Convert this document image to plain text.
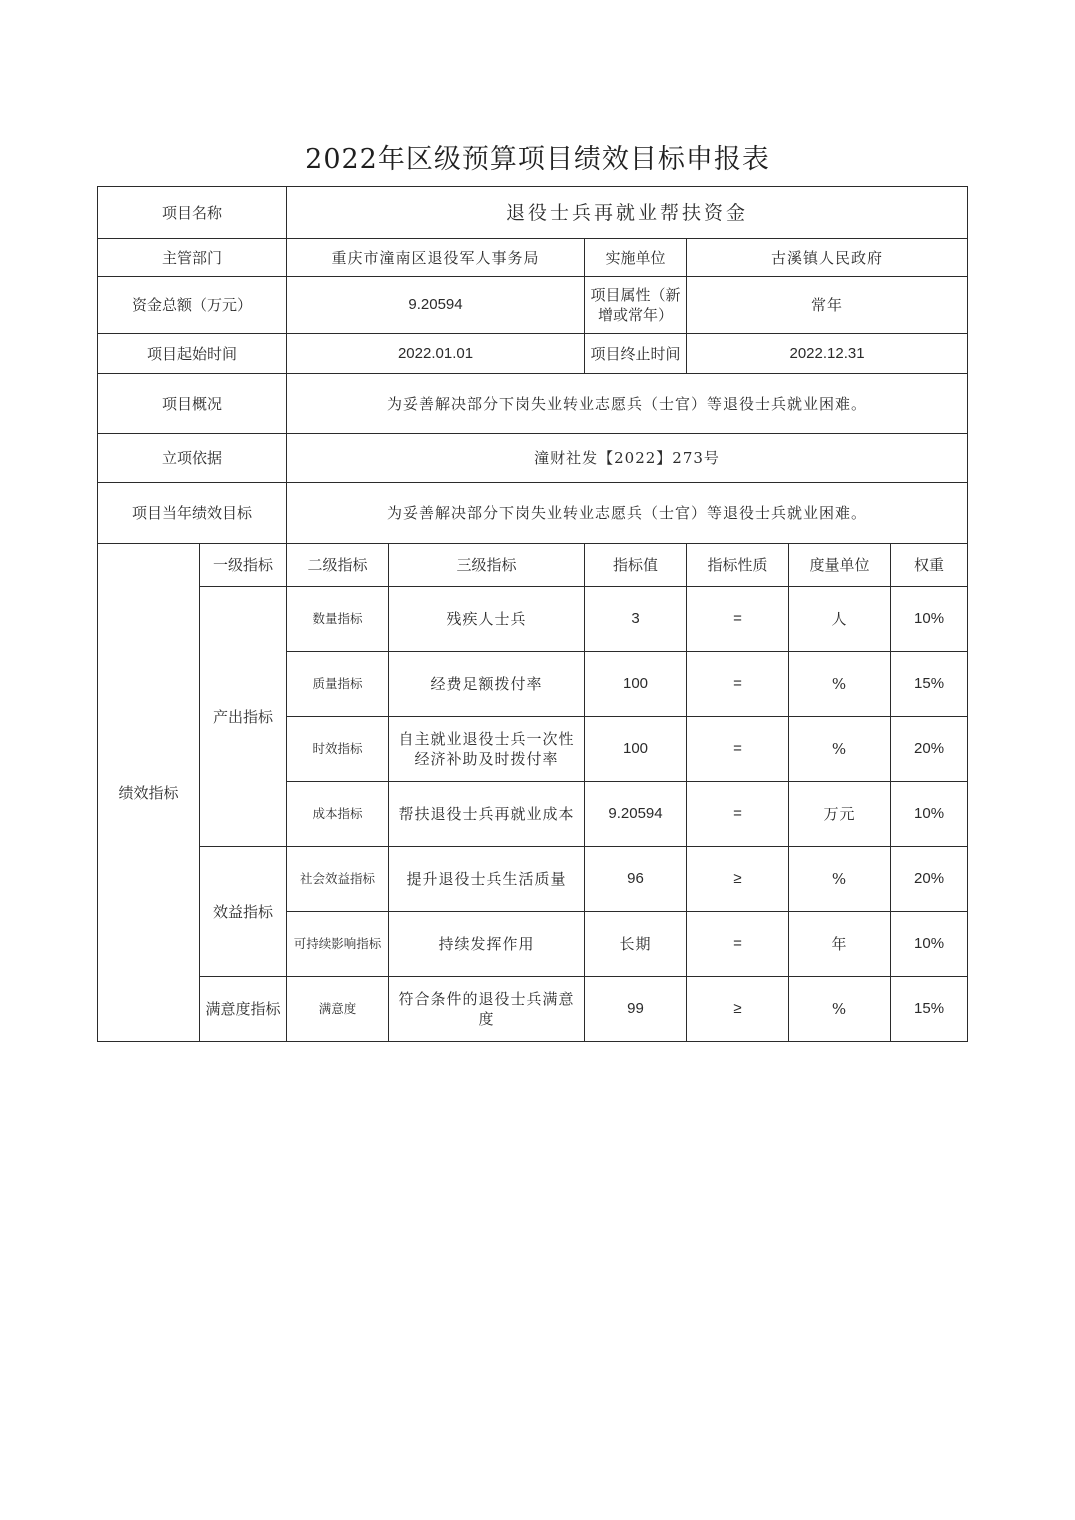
2022年区级预算项目绩效目标申报表
项目名称		退役士兵再就业帮扶资金					
主管部门		重庆市潼南区退役军人事务局		实施单位	古溪镇人民政府		
资金总额（万元）		9.20594		项目属性（新增或常年）	常年		
项目起始时间		2022.01.01		项目终止时间	2022.12.31		
项目概况		为妥善解决部分下岗失业转业志愿兵（士官）等退役士兵就业困难。					
立项依据		潼财社发【2022】273号					
项目当年绩效目标		为妥善解决部分下岗失业转业志愿兵（士官）等退役士兵就业困难。					
绩效指标	一级指标	二级指标	三级指标	指标值	指标性质	度量单位	权重
	产出指标	数量指标	残疾人士兵	3	=	人	10%
		质量指标	经费足额拨付率	100	=	%	15%
		时效指标	自主就业退役士兵一次性经济补助及时拨付率	100	=	%	20%
		成本指标	帮扶退役士兵再就业成本	9.20594	=	万元	10%
	效益指标	社会效益指标	提升退役士兵生活质量	96	≥	%	20%
		可持续影响指标	持续发挥作用	长期	=	年	10%
	满意度指标	满意度	符合条件的退役士兵满意度	99	≥	%	15%
